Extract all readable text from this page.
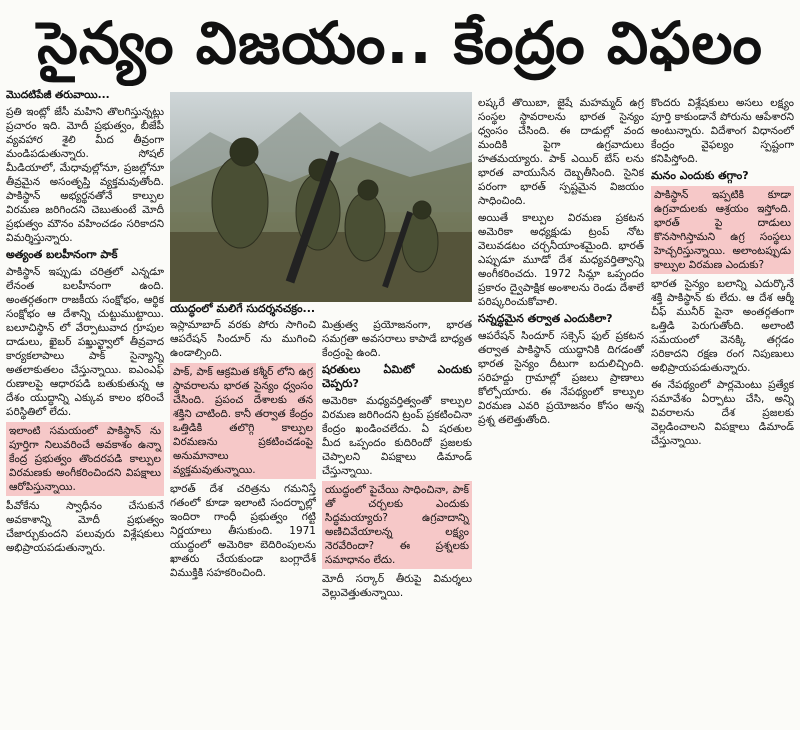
సైన్యం విజయం.. కేంద్రం విఫలం

మొదటిపేజీ తరువాయి...

ప్రతి ఇంట్లో జేసీ మహిని తొలగిస్తున్నట్లు ప్రచారం ఇది. మోదీ ప్రభుత్వం, బీజేపీ వ్యవహార శైలి మీద తీవ్రంగా మండిపడుతున్నారు. సోషల్ మీడియాలో, మేధావుల్లోనూ, ప్రజల్లోనూ తీవ్రమైన అసంతృప్తి వ్యక్తమవుతోంది. పాకిస్థాన్ అభ్యర్థనతోనే కాల్పుల విరమణ జరిగిందని చెబుతుంటే మోదీ ప్రభుత్వం మౌనం వహించడం సరికాదని విమర్శిస్తున్నారు.

అత్యంత బలహీనంగా పాక్

పాకిస్థాన్ ఇప్పుడు చరిత్రలో ఎన్నడూ లేనంత బలహీనంగా ఉంది. అంతర్గతంగా రాజకీయ సంక్షోభం, ఆర్థిక సంక్షోభం ఆ దేశాన్ని చుట్టుముట్టాయి. బలూచిస్థాన్ లో వేర్పాటువాద గ్రూపుల దాడులు, ఖైబర్ పఖ్తున్ఖ్వాలో తీవ్రవాద కార్యకలాపాలు పాక్ సైన్యాన్ని అతలాకుతలం చేస్తున్నాయి. ఐఎంఎఫ్ రుణాలపై ఆధారపడి బతుకుతున్న ఆ దేశం యుద్ధాన్ని ఎక్కువ కాలం భరించే పరిస్థితిలో లేదు.

ఇలాంటి సమయంలో పాకిస్థాన్ ను పూర్తిగా నిలువరించే అవకాశం ఉన్నా కేంద్ర ప్రభుత్వం తొందరపడి కాల్పుల విరమణకు అంగీకరించిందని విపక్షాలు ఆరోపిస్తున్నాయి.

పీవోకేను స్వాధీనం చేసుకునే అవకాశాన్ని మోదీ ప్రభుత్వం చేజార్చుకుందని పలువురు విశ్లేషకులు అభిప్రాయపడుతున్నారు.

యుద్ధంలో మలిగే సుదర్శనచక్రం...

ఇస్లామాబాద్ వరకు పోరు సాగించి ఆపరేషన్ సిందూర్ ను ముగించి ఉండాల్సింది.

పాక్, పాక్ ఆక్రమిత కశ్మీర్ లోని ఉగ్ర స్థావరాలను భారత సైన్యం ధ్వంసం చేసింది. ప్రపంచ దేశాలకు తన శక్తిని చాటింది. కానీ తర్వాత కేంద్రం ఒత్తిడికి తలొగ్గి కాల్పుల విరమణను ప్రకటించడంపై అనుమానాలు వ్యక్తమవుతున్నాయి.

భారత్ దేశ చరిత్రను గమనిస్తే గతంలో కూడా ఇలాంటి సందర్భాల్లో ఇందిరా గాంధీ ప్రభుత్వం గట్టి నిర్ణయాలు తీసుకుంది. 1971 యుద్ధంలో అమెరికా బెదిరింపులను ఖాతరు చేయకుండా బంగ్లాదేశ్ విముక్తికి సహకరించింది.

మిత్రుత్వ ప్రయోజనంగా, భారత సమగ్రతా అవసరాలు కాపాడే బాధ్యత కేంద్రంపై ఉంది.

షరతులు ఏమిటో ఎందుకు చెప్పరు?

అమెరికా మధ్యవర్తిత్వంతో కాల్పుల విరమణ జరిగిందని ట్రంప్ ప్రకటించినా కేంద్రం ఖండించలేదు. ఏ షరతుల మీద ఒప్పందం కుదిరిందో ప్రజలకు చెప్పాలని విపక్షాలు డిమాండ్ చేస్తున్నాయి.

యుద్ధంలో పైచేయి సాధించినా, పాక్ తో చర్చలకు ఎందుకు సిద్ధమయ్యారు? ఉగ్రవాదాన్ని అణిచివేయాలన్న లక్ష్యం నెరవేరిందా? ఈ ప్రశ్నలకు సమాధానం లేదు.

మోదీ సర్కార్ తీరుపై విమర్శలు వెల్లువెత్తుతున్నాయి.

లష్కరే తొయిబా, జైషే మహమ్మద్ ఉగ్ర సంస్థల స్థావరాలను భారత సైన్యం ధ్వంసం చేసింది. ఈ దాడుల్లో వంద మందికి పైగా ఉగ్రవాదులు హతమయ్యారు. పాక్ ఎయిర్ బేస్ లను భారత వాయుసేన దెబ్బతీసింది. సైనిక పరంగా భారత్ స్పష్టమైన విజయం సాధించింది.

అయితే కాల్పుల విరమణ ప్రకటన అమెరికా అధ్యక్షుడు ట్రంప్ నోట వెలువడటం చర్చనీయాంశమైంది. భారత్ ఎప్పుడూ మూడో దేశ మధ్యవర్తిత్వాన్ని అంగీకరించదు. 1972 సిమ్లా ఒప్పందం ప్రకారం ద్వైపాక్షిక అంశాలను రెండు దేశాలే పరిష్కరించుకోవాలి.

సన్నద్ధమైన తర్వాత ఎందుకిలా?

ఆపరేషన్ సిందూర్ సక్సెస్ ఫుల్ ప్రకటన తర్వాత పాకిస్థాన్ యుద్ధానికి దిగడంతో భారత సైన్యం దీటుగా బదులిచ్చింది. సరిహద్దు గ్రామాల్లో ప్రజలు ప్రాణాలు కోల్పోయారు. ఈ నేపథ్యంలో కాల్పుల విరమణ ఎవరి ప్రయోజనం కోసం అన్న ప్రశ్న తలెత్తుతోంది.

కొందరు విశ్లేషకులు అసలు లక్ష్యం పూర్తి కాకుండానే పోరును ఆపేశారని అంటున్నారు. విదేశాంగ విధానంలో కేంద్రం వైఫల్యం స్పష్టంగా కనిపిస్తోంది.

మనం ఎందుకు తగ్గాం?

పాకిస్థాన్ ఇప్పటికి కూడా ఉగ్రవాదులకు ఆశ్రయం ఇస్తోంది. భారత్ పై దాడులు కొనసాగిస్తామని ఉగ్ర సంస్థలు హెచ్చరిస్తున్నాయి. అలాంటప్పుడు కాల్పుల విరమణ ఎందుకు?

భారత సైన్యం బలాన్ని ఎదుర్కొనే శక్తి పాకిస్థాన్ కు లేదు. ఆ దేశ ఆర్మీ చీఫ్ మునీర్ పైనా అంతర్గతంగా ఒత్తిడి పెరుగుతోంది. అలాంటి సమయంలో వెనక్కి తగ్గడం సరికాదని రక్షణ రంగ నిపుణులు అభిప్రాయపడుతున్నారు.

ఈ నేపథ్యంలో పార్లమెంటు ప్రత్యేక సమావేశం ఏర్పాటు చేసి, అన్ని వివరాలను దేశ ప్రజలకు వెల్లడించాలని విపక్షాలు డిమాండ్ చేస్తున్నాయి.
